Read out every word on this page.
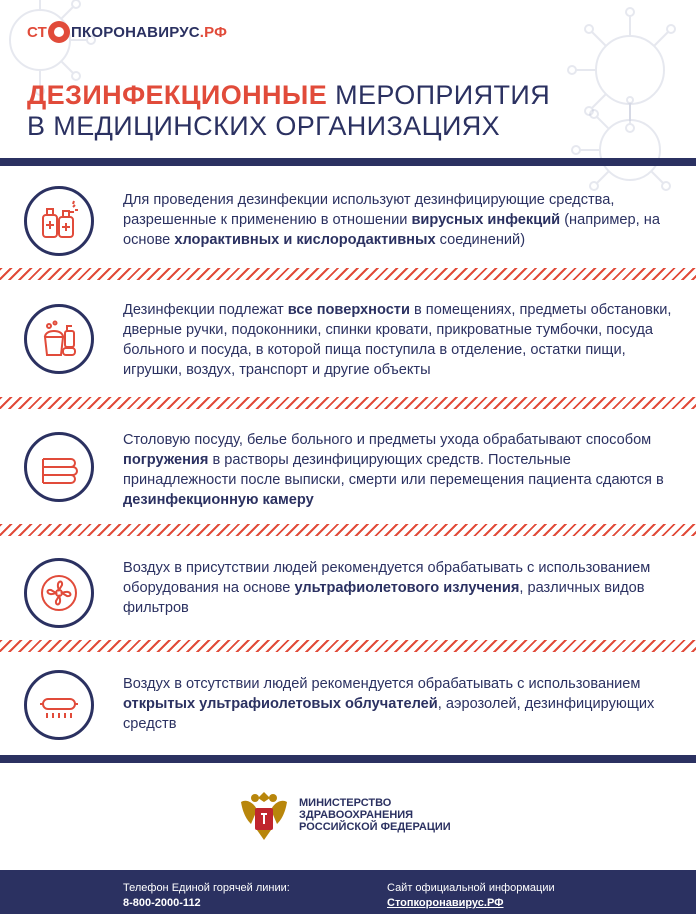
СТ ПКОРОНАВИРУС .РФ
ДЕЗИНФЕКЦИОННЫЕ МЕРОПРИЯТИЯ
В МЕДИЦИНСКИХ ОРГАНИЗАЦИЯХ
Для проведения дезинфекции используют дезинфицирующие средства, разрешенные к применению в отношении вирусных инфекций (например, на основе хлорактивных и кислородактивных соединений)
Дезинфекции подлежат все поверхности в помещениях, предметы обстановки, дверные ручки, подоконники, спинки кровати, прикроватные тумбочки, посуда больного и посуда, в которой пища поступила в отделение, остатки пищи, игрушки, воздух, транспорт и другие объекты
Столовую посуду, белье больного и предметы ухода обрабатывают способом погружения в растворы дезинфицирующих средств. Постельные принадлежности после выписки, смерти или перемещения пациента сдаются в дезинфекционную камеру
Воздух в присутствии людей рекомендуется обрабатывать с использованием оборудования на основе ультрафиолетового излучения, различных видов фильтров
Воздух в отсутствии людей рекомендуется обрабатывать с использованием открытых ультрафиолетовых облучателей, аэрозолей, дезинфицирующих средств
МИНИСТЕРСТВО
ЗДРАВООХРАНЕНИЯ
РОССИЙСКОЙ ФЕДЕРАЦИИ
Телефон Единой горячей линии:
8-800-2000-112
Сайт официальной информации
Стопкоронавирус.РФ
